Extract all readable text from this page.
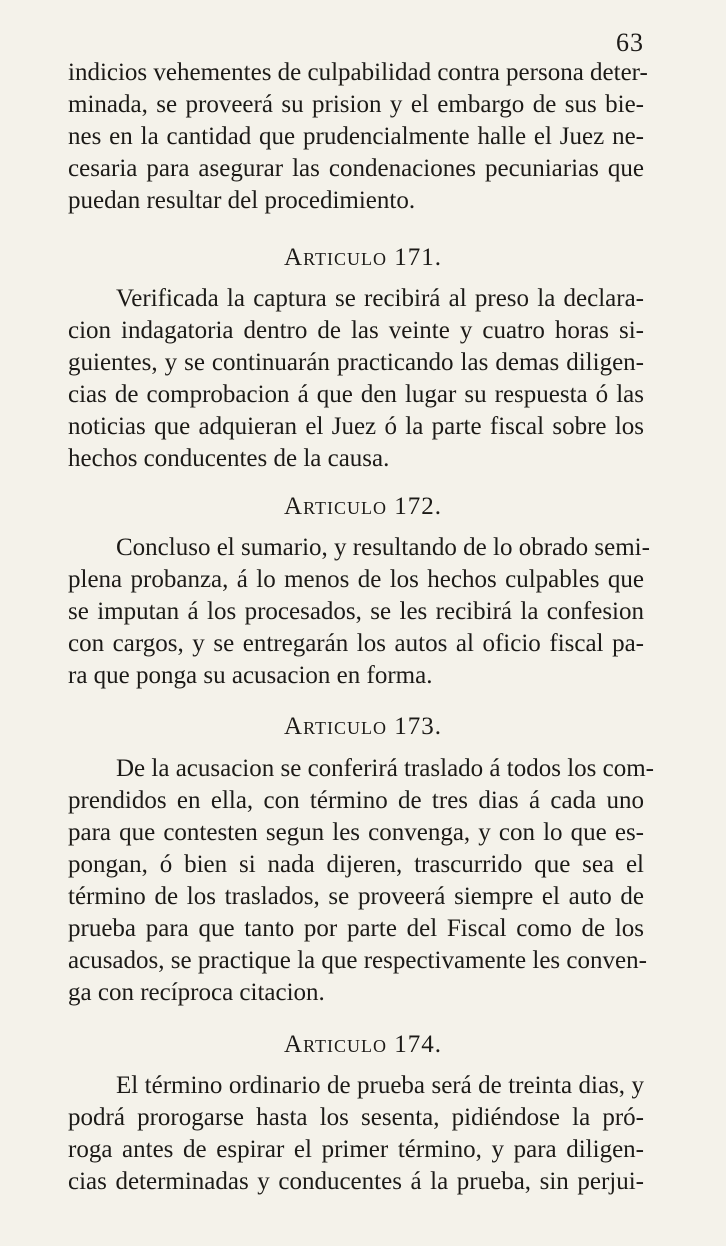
63
indicios vehementes de culpabilidad contra persona deter-
minada, se proveerá su prision y el embargo de sus bie-
nes en la cantidad que prudencialmente halle el Juez ne-
cesaria para asegurar las condenaciones pecuniarias que
puedan resultar del procedimiento.
Articulo 171.
Verificada la captura se recibirá al preso la declara-
cion indagatoria dentro de las veinte y cuatro horas si-
guientes, y se continuarán practicando las demas diligen-
cias de comprobacion á que den lugar su respuesta ó las
noticias que adquieran el Juez ó la parte fiscal sobre los
hechos conducentes de la causa.
Articulo 172.
Concluso el sumario, y resultando de lo obrado semi-
plena probanza, á lo menos de los hechos culpables que
se imputan á los procesados, se les recibirá la confesion
con cargos, y se entregarán los autos al oficio fiscal pa-
ra que ponga su acusacion en forma.
Articulo 173.
De la acusacion se conferirá traslado á todos los com-
prendidos en ella, con término de tres dias á cada uno
para que contesten segun les convenga, y con lo que es-
pongan, ó bien si nada dijeren, trascurrido que sea el
término de los traslados, se proveerá siempre el auto de
prueba para que tanto por parte del Fiscal como de los
acusados, se practique la que respectivamente les conven-
ga con recíproca citacion.
Articulo 174.
El término ordinario de prueba será de treinta dias, y
podrá prorogarse hasta los sesenta, pidiéndose la pró-
roga antes de espirar el primer término, y para diligen-
cias determinadas y conducentes á la prueba, sin perjui-
